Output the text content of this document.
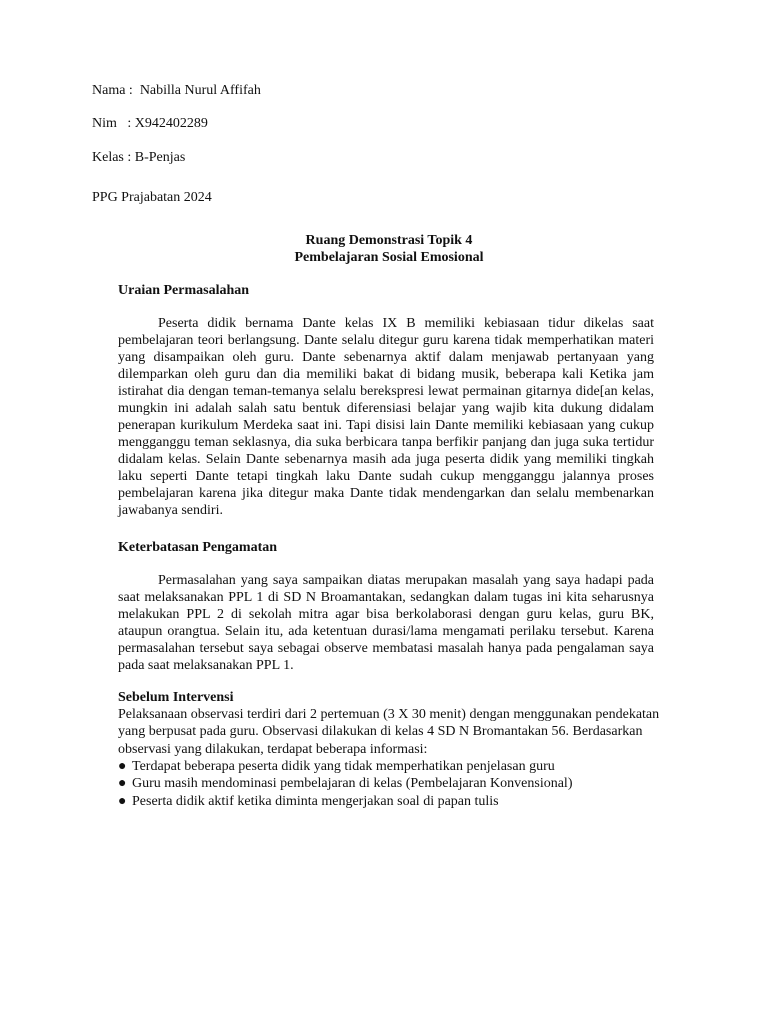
Nama :  Nabilla Nurul Affifah
Nim   : X942402289
Kelas : B-Penjas
PPG Prajabatan 2024
Ruang Demonstrasi Topik 4
Pembelajaran Sosial Emosional
Uraian Permasalahan

Peserta didik bernama Dante kelas IX B memiliki kebiasaan tidur dikelas saat pembelajaran teori berlangsung. Dante selalu ditegur guru karena tidak memperhatikan materi yang disampaikan oleh guru. Dante sebenarnya aktif dalam menjawab pertanyaan yang dilemparkan oleh guru dan dia memiliki bakat di bidang musik, beberapa kali Ketika jam istirahat dia dengan teman-temanya selalu berekspresi lewat permainan gitarnya dide[an kelas, mungkin ini adalah salah satu bentuk diferensiasi belajar yang wajib kita dukung didalam penerapan kurikulum Merdeka saat ini. Tapi disisi lain Dante memiliki kebiasaan yang cukup mengganggu teman seklasnya, dia suka berbicara tanpa berfikir panjang dan juga suka tertidur didalam kelas. Selain Dante sebenarnya masih ada juga peserta didik yang memiliki tingkah laku seperti Dante tetapi tingkah laku Dante sudah cukup mengganggu jalannya proses pembelajaran karena jika ditegur maka Dante tidak mendengarkan dan selalu membenarkan jawabanya sendiri.

Keterbatasan Pengamatan

Permasalahan yang saya sampaikan diatas merupakan masalah yang saya hadapi pada saat melaksanakan PPL 1 di SD N Broamantakan, sedangkan dalam tugas ini kita seharusnya melakukan PPL 2 di sekolah mitra agar bisa berkolaborasi dengan guru kelas, guru BK, ataupun orangtua. Selain itu, ada ketentuan durasi/lama mengamati perilaku tersebut. Karena permasalahan tersebut saya sebagai observe membatasi masalah hanya pada pengalaman saya pada saat melaksanakan PPL 1.

Sebelum Intervensi

Pelaksanaan observasi terdiri dari 2 pertemuan (3 X 30 menit) dengan menggunakan pendekatan yang berpusat pada guru. Observasi dilakukan di kelas 4 SD N Bromantakan 56. Berdasarkan observasi yang dilakukan, terdapat beberapa informasi:

● Terdapat beberapa peserta didik yang tidak memperhatikan penjelasan guru
● Guru masih mendominasi pembelajaran di kelas (Pembelajaran Konvensional)
● Peserta didik aktif ketika diminta mengerjakan soal di papan tulis
